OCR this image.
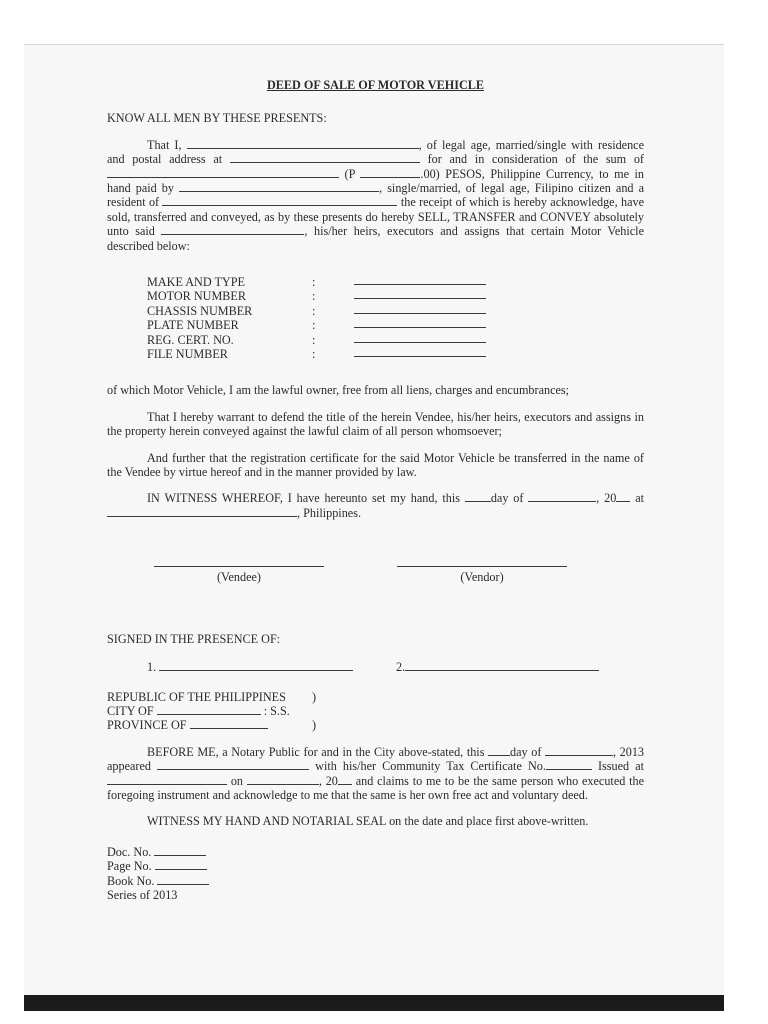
DEED OF SALE OF MOTOR VEHICLE
KNOW ALL MEN BY THESE PRESENTS:

That I,	, of legal age, married/single with residence and postal address at	for and in consideration of the sum of  (P	.00) PESOS, Philippine Currency, to me in hand paid by	, single/married, of legal age, Filipino citizen and a resident of	the receipt of which is hereby acknowledge, have sold, transferred and conveyed, as by these presents do hereby SELL, TRANSFER and CONVEY absolutely unto said	, his/her heirs, executors and assigns that certain Motor Vehicle described below:

MAKE AND TYPE	:
MOTOR NUMBER	:
CHASSIS NUMBER	:
PLATE NUMBER	:
REG. CERT. NO.	:
FILE NUMBER	:

of which Motor Vehicle, I am the lawful owner, free from all liens, charges and encumbrances;

That I hereby warrant to defend the title of the herein Vendee, his/her heirs, executors and assigns in the property herein conveyed against the lawful claim of all person whomsoever;

And further that the registration certificate for the said Motor Vehicle be transferred in the name of the Vendee by virtue hereof and in the manner provided by law.

IN WITNESS WHEREOF, I have hereunto set my hand, this day of	, 20 at , Philippines.

(Vendee)	(Vendor)
SIGNED IN THE PRESENCE OF:
1.	2.
REPUBLIC OF THE PHILIPPINES )
CITY OF	: S.S.
PROVINCE OF	)

BEFORE ME, a Notary Public for and in the City above-stated, this day of	, 2013 appeared	with his/her Community Tax Certificate No.	Issued at  on	, 20 and claims to me to be the same person who executed the foregoing instrument and acknowledge to me that the same is her own free act and voluntary deed.

WITNESS MY HAND AND NOTARIAL SEAL on the date and place first above-written.

Doc. No.
Page No.
Book No.
Series of 2013
